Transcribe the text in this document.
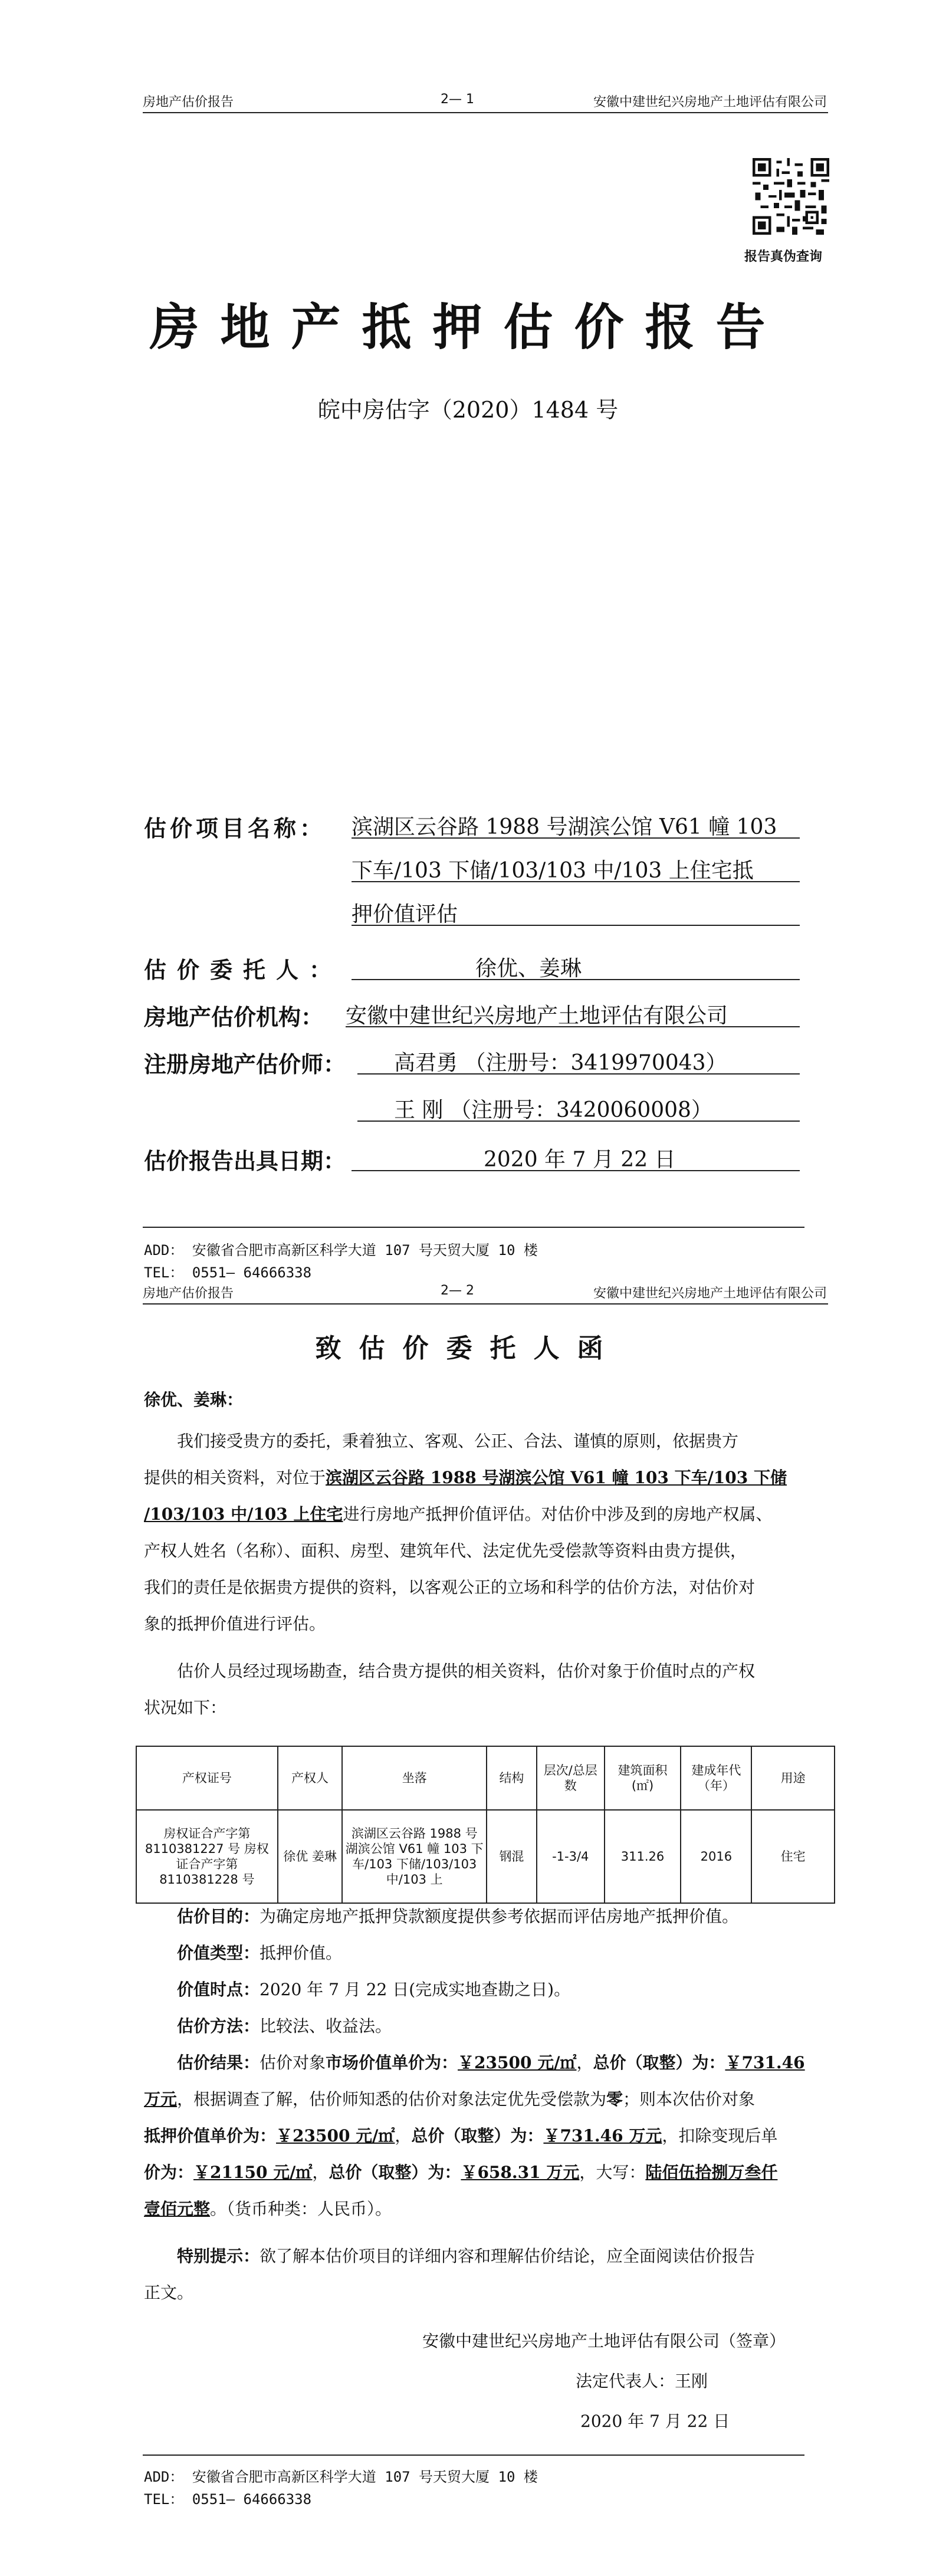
房地产估价报告	2— 1	安徽中建世纪兴房地产土地评估有限公司
报告真伪查询
房地产抵押估价报告
皖中房估字（2020）1484 号
估价项目名称： 滨湖区云谷路 1988 号湖滨公馆 V61 幢 103
下车/103 下储/103/103 中/103 上住宅抵
押价值评估
估价委托人：	徐优、姜琳
房地产估价机构： 安徽中建世纪兴房地产土地评估有限公司
注册房地产估价师： 高君勇 （注册号：3419970043）
王 刚 （注册号：3420060008）
估价报告出具日期：	2020 年 7 月 22 日
ADD： 安徽省合肥市高新区科学大道 107 号天贸大厦 10 楼
TEL： 0551— 64666338
房地产估价报告	2— 2	安徽中建世纪兴房地产土地评估有限公司
致估价委托人函
徐优、姜琳：
我们接受贵方的委托，秉着独立、客观、公正、合法、谨慎的原则，依据贵方
提供的相关资料，对位于滨湖区云谷路 1988 号湖滨公馆 V61 幢 103 下车/103 下储
/103/103 中/103 上住宅进行房地产抵押价值评估。对估价中涉及到的房地产权属、
产权人姓名（名称）、面积、房型、建筑年代、法定优先受偿款等资料由贵方提供，
我们的责任是依据贵方提供的资料，以客观公正的立场和科学的估价方法，对估价对
象的抵押价值进行评估。
估价人员经过现场勘查，结合贵方提供的相关资料，估价对象于价值时点的产权
状况如下：
产权证号	产权人	坐落	结构	层次/总层数	建筑面积(㎡)	建成年代（年）	用途
房权证合产字第 8110381227 号 房权证合产字第 8110381228 号	徐优 姜琳	滨湖区云谷路 1988 号湖滨公馆 V61 幢 103 下车/103 下储/103/103 中/103 上	钢混	-1-3/4	311.26	2016	住宅
估价目的：为确定房地产抵押贷款额度提供参考依据而评估房地产抵押价值。
价值类型：抵押价值。
价值时点：2020 年 7 月 22 日(完成实地查勘之日)。
估价方法：比较法、收益法。
估价结果：估价对象市场价值单价为：￥23500 元/㎡，总价（取整）为：￥731.46
万元，根据调查了解，估价师知悉的估价对象法定优先受偿款为零；则本次估价对象
抵押价值单价为：￥23500 元/㎡，总价（取整）为：￥731.46 万元，扣除变现后单
价为：￥21150 元/㎡，总价（取整）为：￥658.31 万元，大写：陆佰伍拾捌万叁仟
壹佰元整。（货币种类：人民币）。
特别提示：欲了解本估价项目的详细内容和理解估价结论，应全面阅读估价报告
正文。
安徽中建世纪兴房地产土地评估有限公司（签章）
法定代表人：王刚
2020 年 7 月 22 日
ADD： 安徽省合肥市高新区科学大道 107 号天贸大厦 10 楼
TEL： 0551— 64666338
